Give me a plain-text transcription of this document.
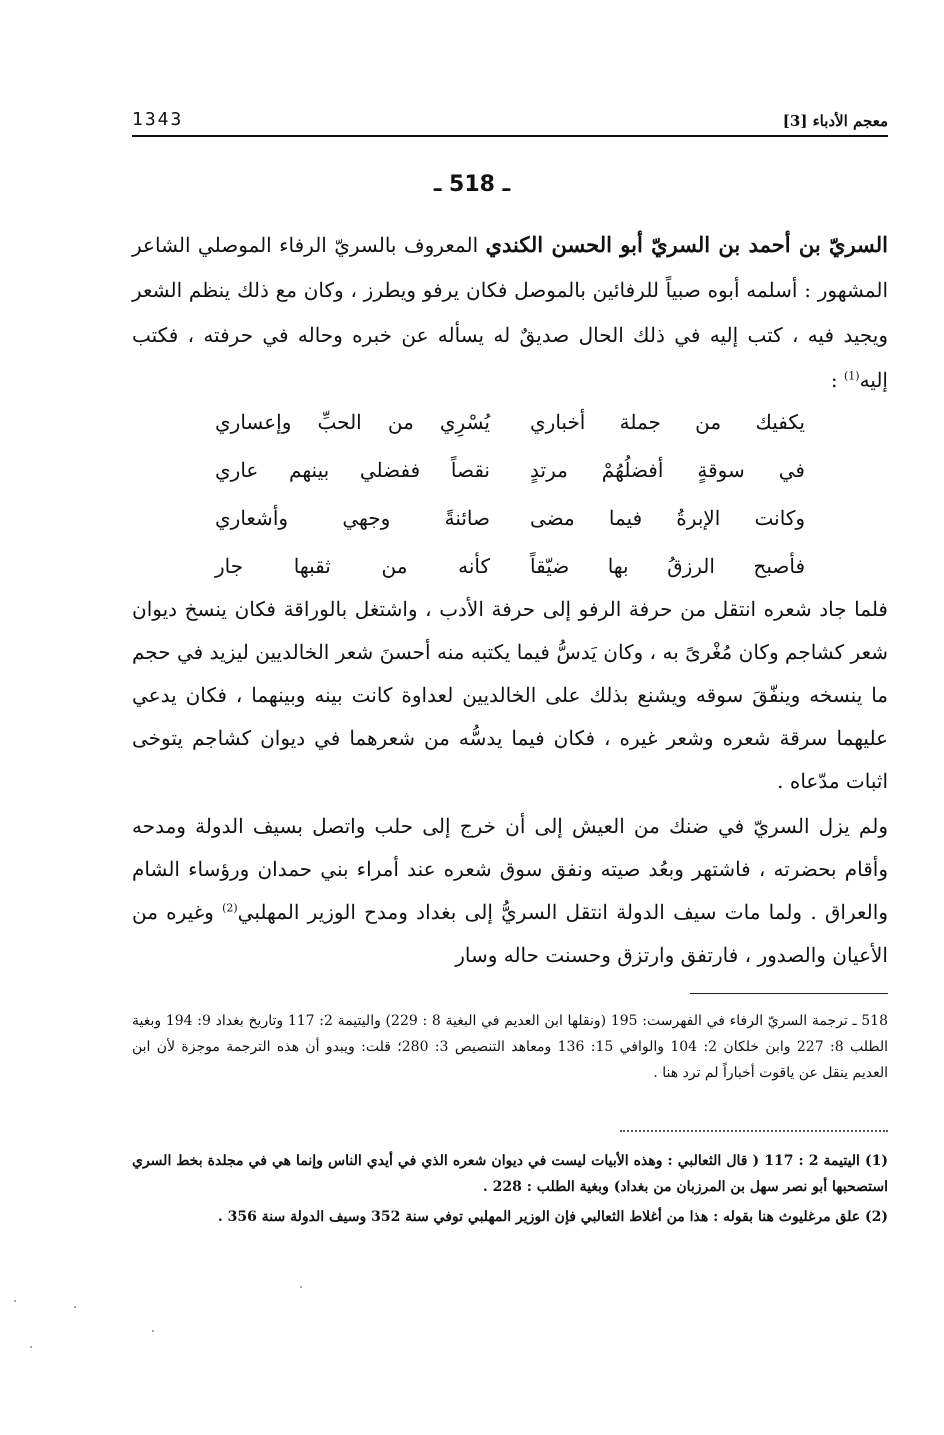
1343	معجم الأدباء [3]
ـ 518 ـ
السريّ بن أحمد بن السريّ أبو الحسن الكندي المعروف بالسريّ الرفاء الموصلي الشاعر المشهور : أسلمه أبوه صبياً للرفائين بالموصل فكان يرفو ويطرز ، وكان مع ذلك ينظم الشعر ويجيد فيه ، كتب إليه في ذلك الحال صديقٌ له يسأله عن خبره وحاله في حرفته ، فكتب إليه$^{(1)}$ :
يكفيك من جملة أخباري
يُسْرِي من الحبِّ وإعساري
في سوقةٍ أفضلُهُمْ مرتدٍ
نقصاً ففضلي بينهم عاري
وكانت الإبرةُ فيما مضى
صائنةً وجهي وأشعاري
فأصبح الرزقُ بها ضيّقاً
كأنه من ثقبها جار
فلما جاد شعره انتقل من حرفة الرفو إلى حرفة الأدب ، واشتغل بالوراقة فكان ينسخ ديوان شعر كشاجم وكان مُغْرىً به ، وكان يَدسُّ فيما يكتبه منه أحسنَ شعر الخالديين ليزيد في حجم ما ينسخه وينفّقَ سوقه ويشنع بذلك على الخالديين لعداوة كانت بينه وبينهما ، فكان يدعي عليهما سرقة شعره وشعر غيره ، فكان فيما يدسُّه من شعرهما في ديوان كشاجم يتوخى اثبات مدّعاه .
ولم يزل السريّ في ضنك من العيش إلى أن خرج إلى حلب واتصل بسيف الدولة ومدحه وأقام بحضرته ، فاشتهر وبعُد صيته ونفق سوق شعره عند أمراء بني حمدان ورؤساء الشام والعراق . ولما مات سيف الدولة انتقل السريُّ إلى بغداد ومدح الوزير المهلبي$^{(2)}$ وغيره من الأعيان والصدور ، فارتفق وارتزق وحسنت حاله وسار
518 ـ ترجمة السريّ الرفاء في الفهرست: 195 (ونقلها ابن العديم في البغية 8 : 229) واليتيمة 2: 117 وتاريخ بغداد 9: 194 وبغية الطلب 8: 227 وابن خلكان 2: 104 والوافي 15: 136 ومعاهد التنصيص 3: 280؛ قلت: ويبدو أن هذه الترجمة موجزة لأن ابن العديم ينقل عن ياقوت أخباراً لم ترد هنا .
(1) اليتيمة 2 : 117 ( قال الثعالبي : وهذه الأبيات ليست في ديوان شعره الذي في أيدي الناس وإنما هي في مجلدة بخط السري استصحبها أبو نصر سهل بن المرزبان من بغداد) وبغية الطلب : 228 .
(2) علق مرغليوث هنا بقوله : هذا من أغلاط الثعالبي فإن الوزير المهلبي توفي سنة 352 وسيف الدولة سنة 356 .
